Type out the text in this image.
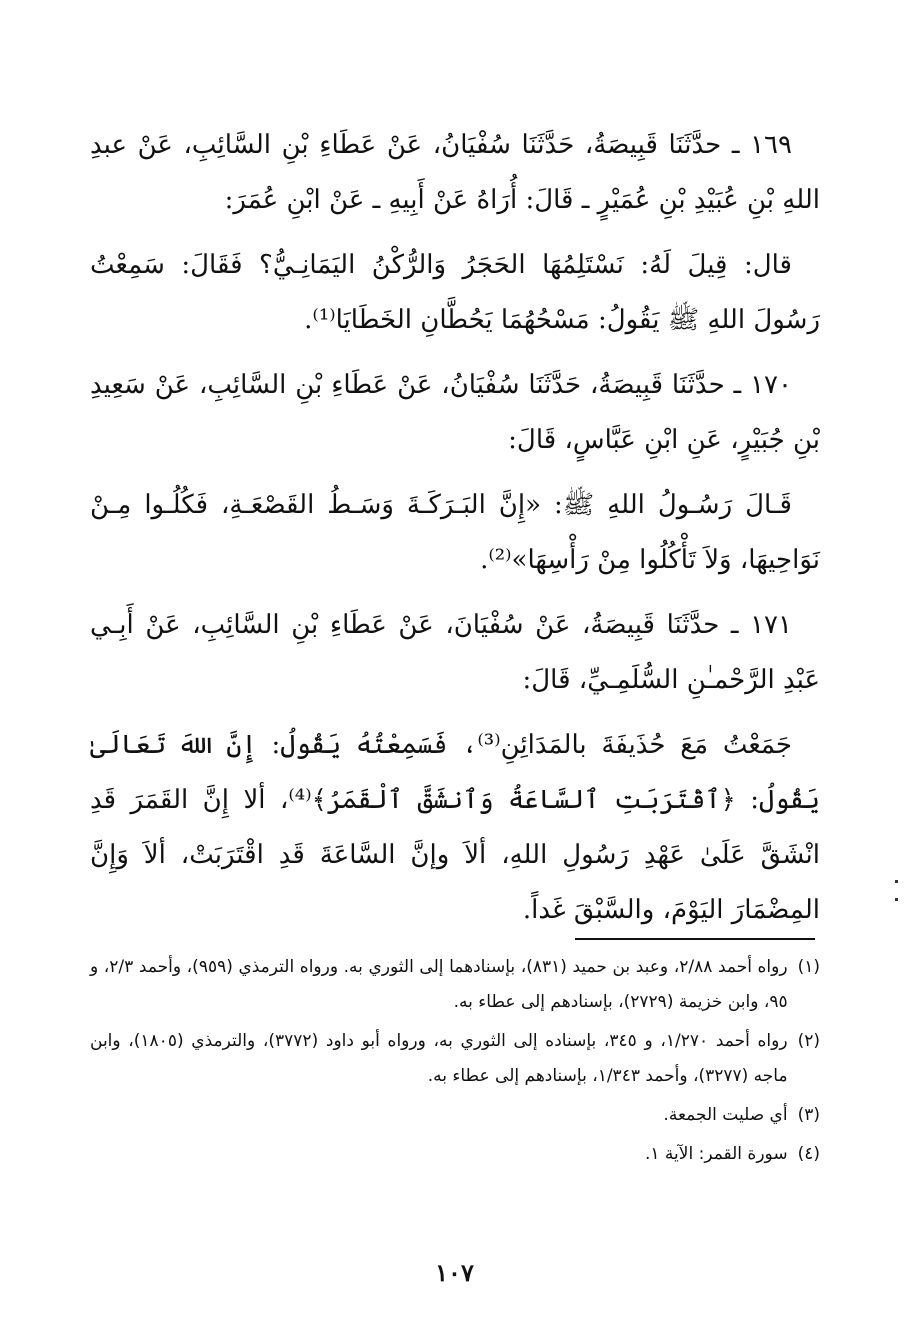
١٦٩ ـ حدَّثَنَا قَبِيصَةُ، حَدَّثَنَا سُفْيَانُ، عَنْ عَطَاءِ بْنِ السَّائِبِ، عَنْ عبدِ اللهِ بْنِ عُبَيْدِ بْنِ عُمَيْرٍ ـ قَالَ: أُرَاهُ عَنْ أَبِيهِ ـ عَنْ ابْنِ عُمَرَ:

قال: قِيلَ لَهُ: نَسْتَلِمُهَا الحَجَرُ وَالرُّكْنُ اليَمَانِـيُّ؟ فَقَالَ: سَمِعْتُ رَسُولَ اللهِ ﷺ يَقُولُ: مَسْحُهُمَا يَحُطَّانِ الخَطَايَا⁽¹⁾.

١٧٠ ـ حدَّثَنَا قَبِيصَةُ، حَدَّثَنَا سُفْيَانُ، عَنْ عَطَاءِ بْنِ السَّائِبِ، عَنْ سَعِيدِ بْنِ جُبَيْرٍ، عَنِ ابْنِ عَبَّاسٍ، قَالَ:

قَـالَ رَسُـولُ اللهِ ﷺ: «إِنَّ البَـرَكَـةَ وَسَـطُ القَصْعَـةِ، فَكُلُـوا مِـنْ نَوَاحِيهَا، وَلاَ تَأْكُلُوا مِنْ رَأْسِهَا»⁽²⁾.

١٧١ ـ حدَّثَنَا قَبِيصَةُ، عَنْ سُفْيَانَ، عَنْ عَطَاءِ بْنِ السَّائِبِ، عَنْ أَبِـي عَبْدِ الرَّحْمـٰنِ السُّلَمِـيِّ، قَالَ:

جَمَعْتُ مَعَ حُذَيفَةَ بالمَدَائِنِ⁽³⁾، فَسَمِعْتُهُ يَقُولُ: إِنَّ اللهَ تَعَالَىٰ يَقُولُ: ﴿ٱقْتَرَبَتِ ٱلسَّاعَةُ وَٱنشَقَّ ٱلْقَمَرُ﴾⁽⁴⁾، ألا إِنَّ القَمَرَ قَدِ انْشَقَّ عَلَىٰ عَهْدِ رَسُولِ اللهِ، ألاَ وإنَّ السَّاعَةَ قَدِ اقْتَرَبَتْ، ألاَ وَإِنَّ المِضْمَارَ اليَوْمَ، والسَّبْقَ غَداً.

(١)
رواه أحمد ٢/٨٨، وعبد بن حميد (٨٣١)، بإسنادهما إلى الثوري به. ورواه الترمذي (٩٥٩)، وأحمد ٢/٣، و ٩٥، وابن خزيمة (٢٧٢٩)، بإسنادهم إلى عطاء به.
(٢)
رواه أحمد ١/٢٧٠، و ٣٤٥، بإسناده إلى الثوري به، ورواه أبو داود (٣٧٧٢)، والترمذي (١٨٠٥)، وابن ماجه (٣٢٧٧)، وأحمد ١/٣٤٣، بإسنادهم إلى عطاء به.
(٣)
أي صليت الجمعة.
(٤)
سورة القمر: الآية ١.
١٠٧
